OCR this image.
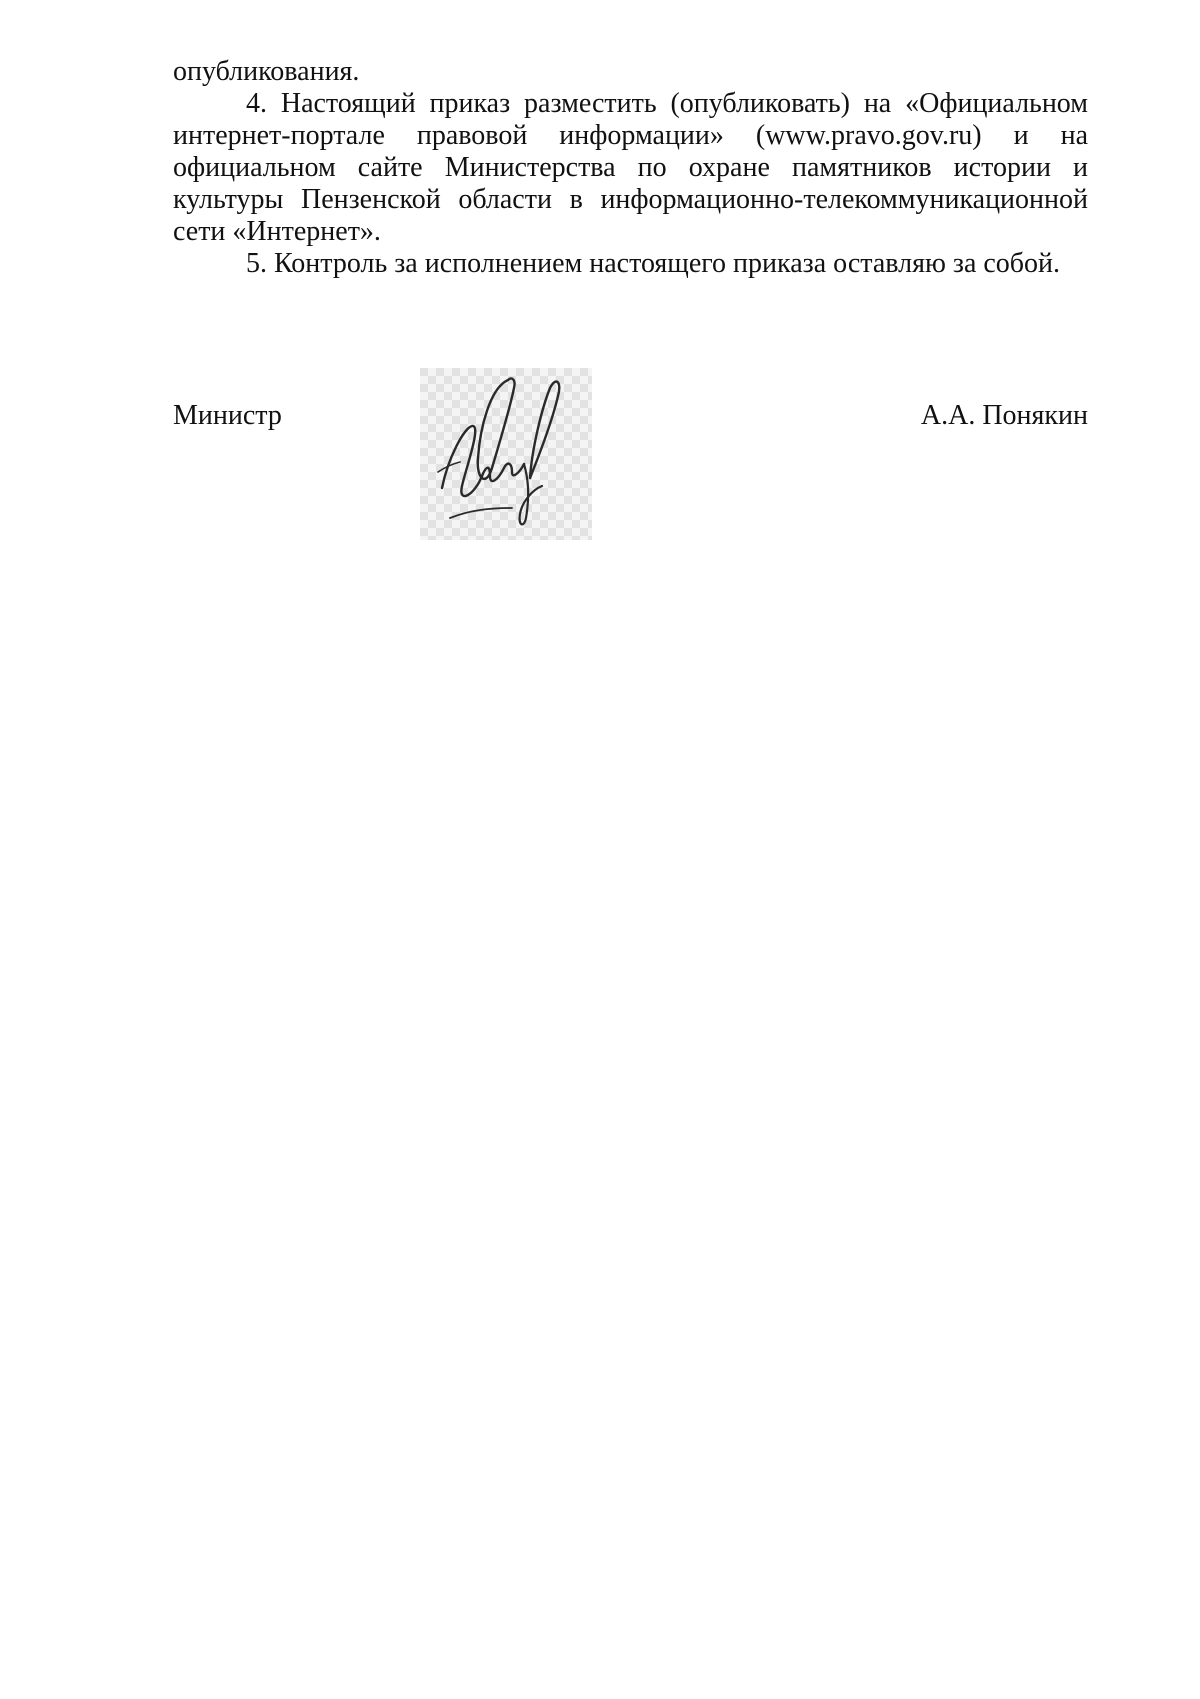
опубликования.

4. Настоящий приказ разместить (опубликовать) на «Официальном интернет-портале правовой информации» (www.pravo.gov.ru) и на официальном сайте Министерства по охране памятников истории и культуры Пензенской области в информационно-телекоммуникационной сети «Интернет».

5. Контроль за исполнением настоящего приказа оставляю за собой.

Министр	А.А. Понякин
